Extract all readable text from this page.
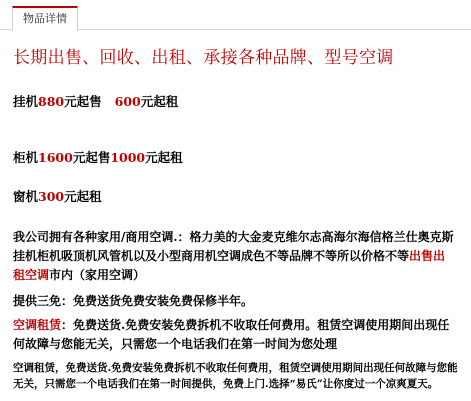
物品详情
长期出售、回收、出租、承接各种品牌、型号空调
挂机880元起售 600元起租
柜机1600元起售1000元起租
窗机300元起租
我公司拥有各种家用/商用空调.：格力美的大金麦克维尔志高海尔海信格兰仕奥克斯
挂机柜机吸顶机风管机以及小型商用机空调成色不等品牌不等所以价格不等出售出
租空调市内（家用空调）
提供三免：免费送货免费安装免费保修半年。
空调租赁：免费送货.免费安装免费拆机不收取任何费用。租赁空调使用期间出现任
何故障与您能无关，只需您一个电话我们在第一时间为您处理
空调租赁，免费送货.免费安装免费拆机不收取任何费用，租赁空调使用期间出现任何故障与您能
无关，只需您一个电话我们在第一时间提供，免费上门.选择“易氏”让你度过一个凉爽夏天。
